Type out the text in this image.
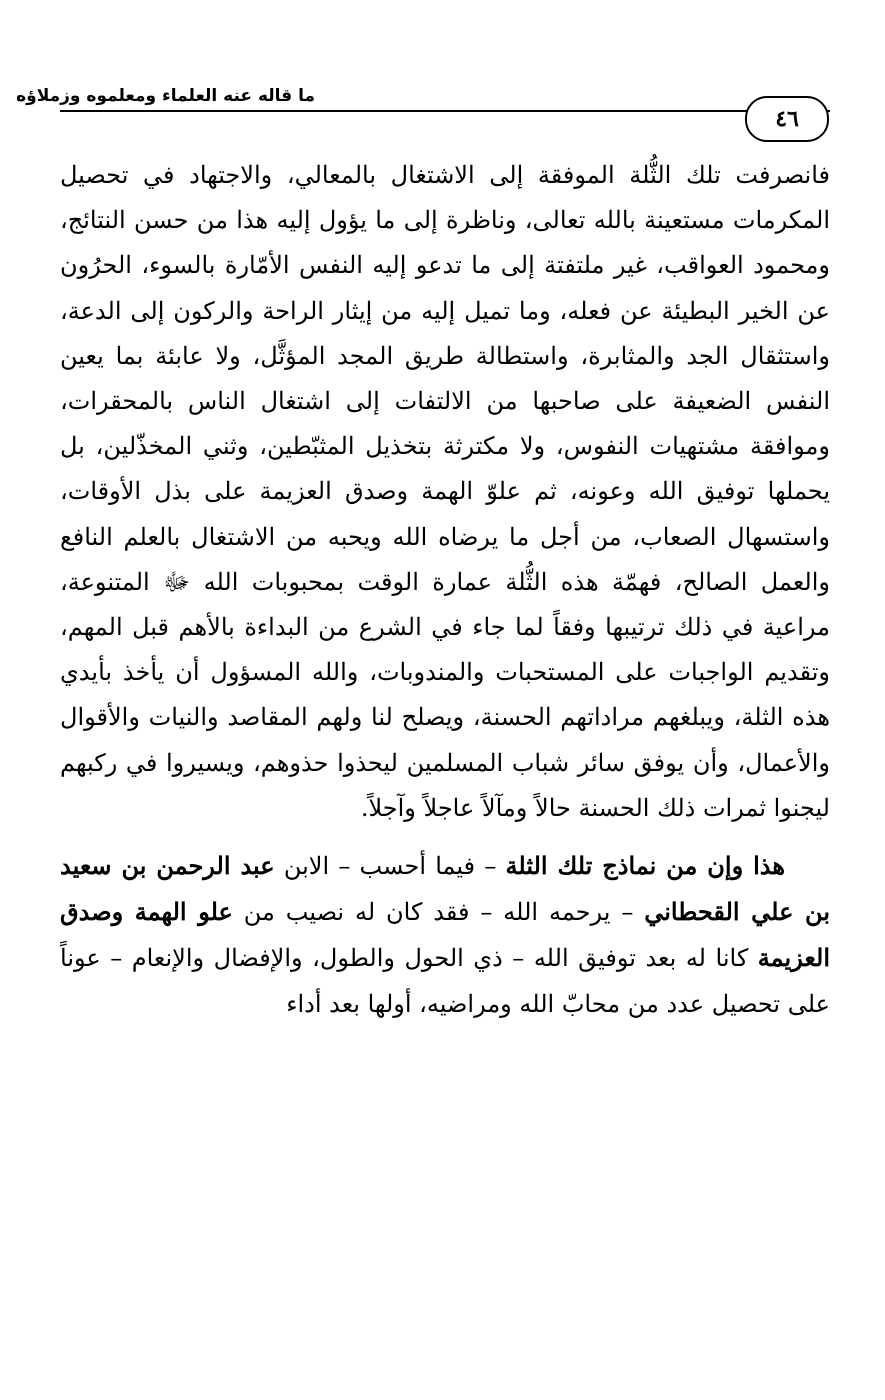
ما قاله عنه العلماء ومعلموه وزملاؤه
٤٦

فانصرفت تلك الثُّلة الموفقة إلى الاشتغال بالمعالي، والاجتهاد في تحصيل المكرمات مستعينة بالله تعالى، وناظرة إلى ما يؤول إليه هذا من حسن النتائج، ومحمود العواقب، غير ملتفتة إلى ما تدعو إليه النفس الأمّارة بالسوء، الحرُون عن الخير البطيئة عن فعله، وما تميل إليه من إيثار الراحة والركون إلى الدعة، واستثقال الجد والمثابرة، واستطالة طريق المجد المؤثَّل، ولا عابئة بما يعين النفس الضعيفة على صاحبها من الالتفات إلى اشتغال الناس بالمحقرات، وموافقة مشتهيات النفوس، ولا مكترثة بتخذيل المثبّطين، وثني المخذّلين، بل يحملها توفيق الله وعونه، ثم علوّ الهمة وصدق العزيمة على بذل الأوقات، واستسهال الصعاب، من أجل ما يرضاه الله ويحبه من الاشتغال بالعلم النافع والعمل الصالح، فهمّة هذه الثُّلة عمارة الوقت بمحبوبات الله ﷻ المتنوعة، مراعية في ذلك ترتيبها وفقاً لما جاء في الشرع من البداءة بالأهم قبل المهم، وتقديم الواجبات على المستحبات والمندوبات، والله المسؤول أن يأخذ بأيدي هذه الثلة، ويبلغهم مراداتهم الحسنة، ويصلح لنا ولهم المقاصد والنيات والأقوال والأعمال، وأن يوفق سائر شباب المسلمين ليحذوا حذوهم، ويسيروا في ركبهم ليجنوا ثمرات ذلك الحسنة حالاً ومآلاً عاجلاً وآجلاً.

هذا وإن من نماذج تلك الثلة – فيما أحسب – الابن عبد الرحمن بن سعيد بن علي القحطاني – يرحمه الله – فقد كان له نصيب من علو الهمة وصدق العزيمة كانا له بعد توفيق الله – ذي الحول والطول، والإفضال والإنعام – عوناً على تحصيل عدد من محابّ الله ومراضيه، أولها بعد أداء
